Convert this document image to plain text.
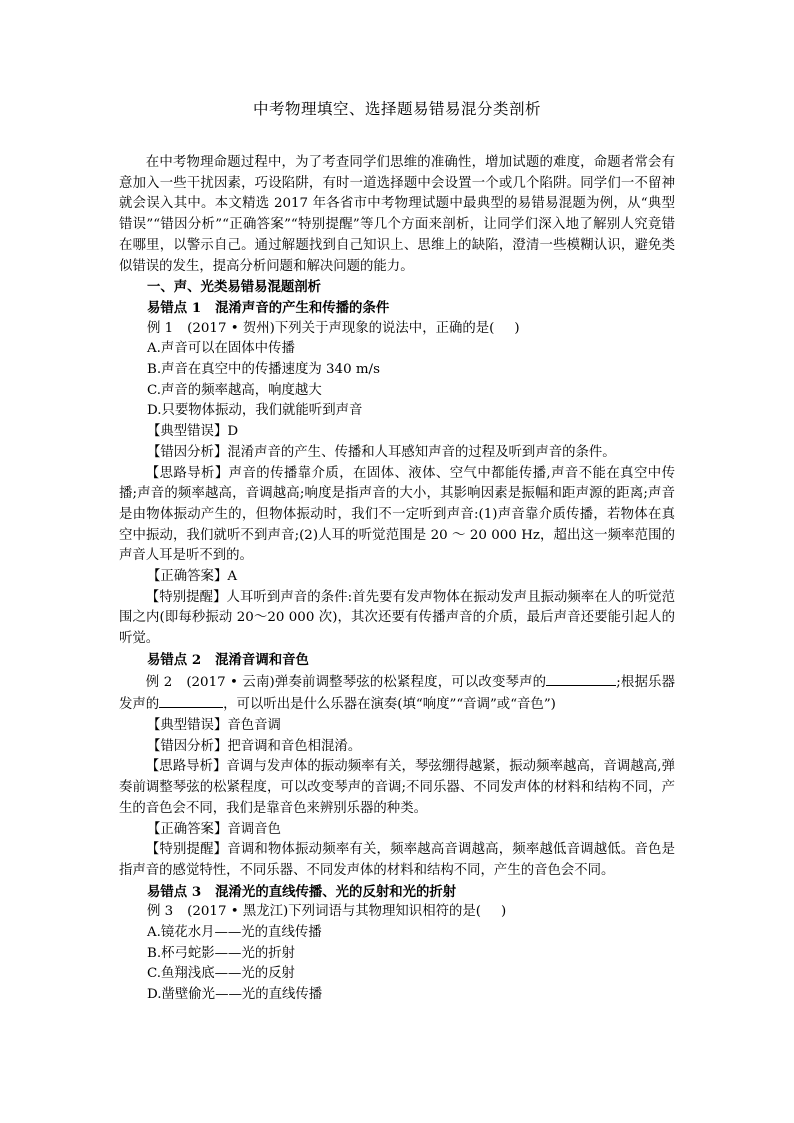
中考物理填空、选择题易错易混分类剖析

在中考物理命题过程中，为了考查同学们思维的准确性，增加试题的难度，命题者常会有意加入一些干扰因素，巧设陷阱，有时一道选择题中会设置一个或几个陷阱。同学们一不留神就会误入其中。本文精选 2017 年各省市中考物理试题中最典型的易错易混题为例，从“典型错误”“错因分析”“正确答案”“特别提醒”等几个方面来剖析，让同学们深入地了解别人究竟错在哪里，以警示自己。通过解题找到自己知识上、思维上的缺陷，澄清一些模糊认识，避免类似错误的发生，提高分析问题和解决问题的能力。

一、声、光类易错易混题剖析

易错点 1 混淆声音的产生和传播的条件

例 1 (2017 • 贺州)下列关于声现象的说法中，正确的是( )

A.声音可以在固体中传播

B.声音在真空中的传播速度为 340 m/s

C.声音的频率越高，响度越大

D.只要物体振动，我们就能听到声音

【典型错误】D

【错因分析】混淆声音的产生、传播和人耳感知声音的过程及听到声音的条件。

【思路导析】声音的传播靠介质，在固体、液体、空气中都能传播,声音不能在真空中传播;声音的频率越高，音调越高;响度是指声音的大小，其影响因素是振幅和距声源的距离;声音是由物体振动产生的，但物体振动时，我们不一定听到声音:(1)声音靠介质传播，若物体在真空中振动，我们就听不到声音;(2)人耳的听觉范围是 20 ～ 20 000 Hz，超出这一频率范围的声音人耳是听不到的。

【正确答案】A

【特别提醒】人耳听到声音的条件:首先要有发声物体在振动发声且振动频率在人的听觉范围之内(即每秒振动 20～20 000 次)，其次还要有传播声音的介质，最后声音还要能引起人的听觉。

易错点 2 混淆音调和音色

例 2 (2017 • 云南)弹奏前调整琴弦的松紧程度，可以改变琴声的	;根据乐器发声的	，可以听出是什么乐器在演奏(填“响度”“音调”或“音色”)

【典型错误】音色音调

【错因分析】把音调和音色相混淆。

【思路导析】音调与发声体的振动频率有关，琴弦绷得越紧，振动频率越高，音调越高,弹奏前调整琴弦的松紧程度，可以改变琴声的音调;不同乐器、不同发声体的材料和结构不同，产生的音色会不同，我们是靠音色来辨别乐器的种类。

【正确答案】音调音色

【特别提醒】音调和物体振动频率有关，频率越高音调越高，频率越低音调越低。音色是指声音的感觉特性，不同乐器、不同发声体的材料和结构不同，产生的音色会不同。

易错点 3 混淆光的直线传播、光的反射和光的折射

例 3 (2017 • 黑龙江)下列词语与其物理知识相符的是( )

A.镜花水月——光的直线传播

B.杯弓蛇影——光的折射

C.鱼翔浅底——光的反射

D.凿壁偷光——光的直线传播
